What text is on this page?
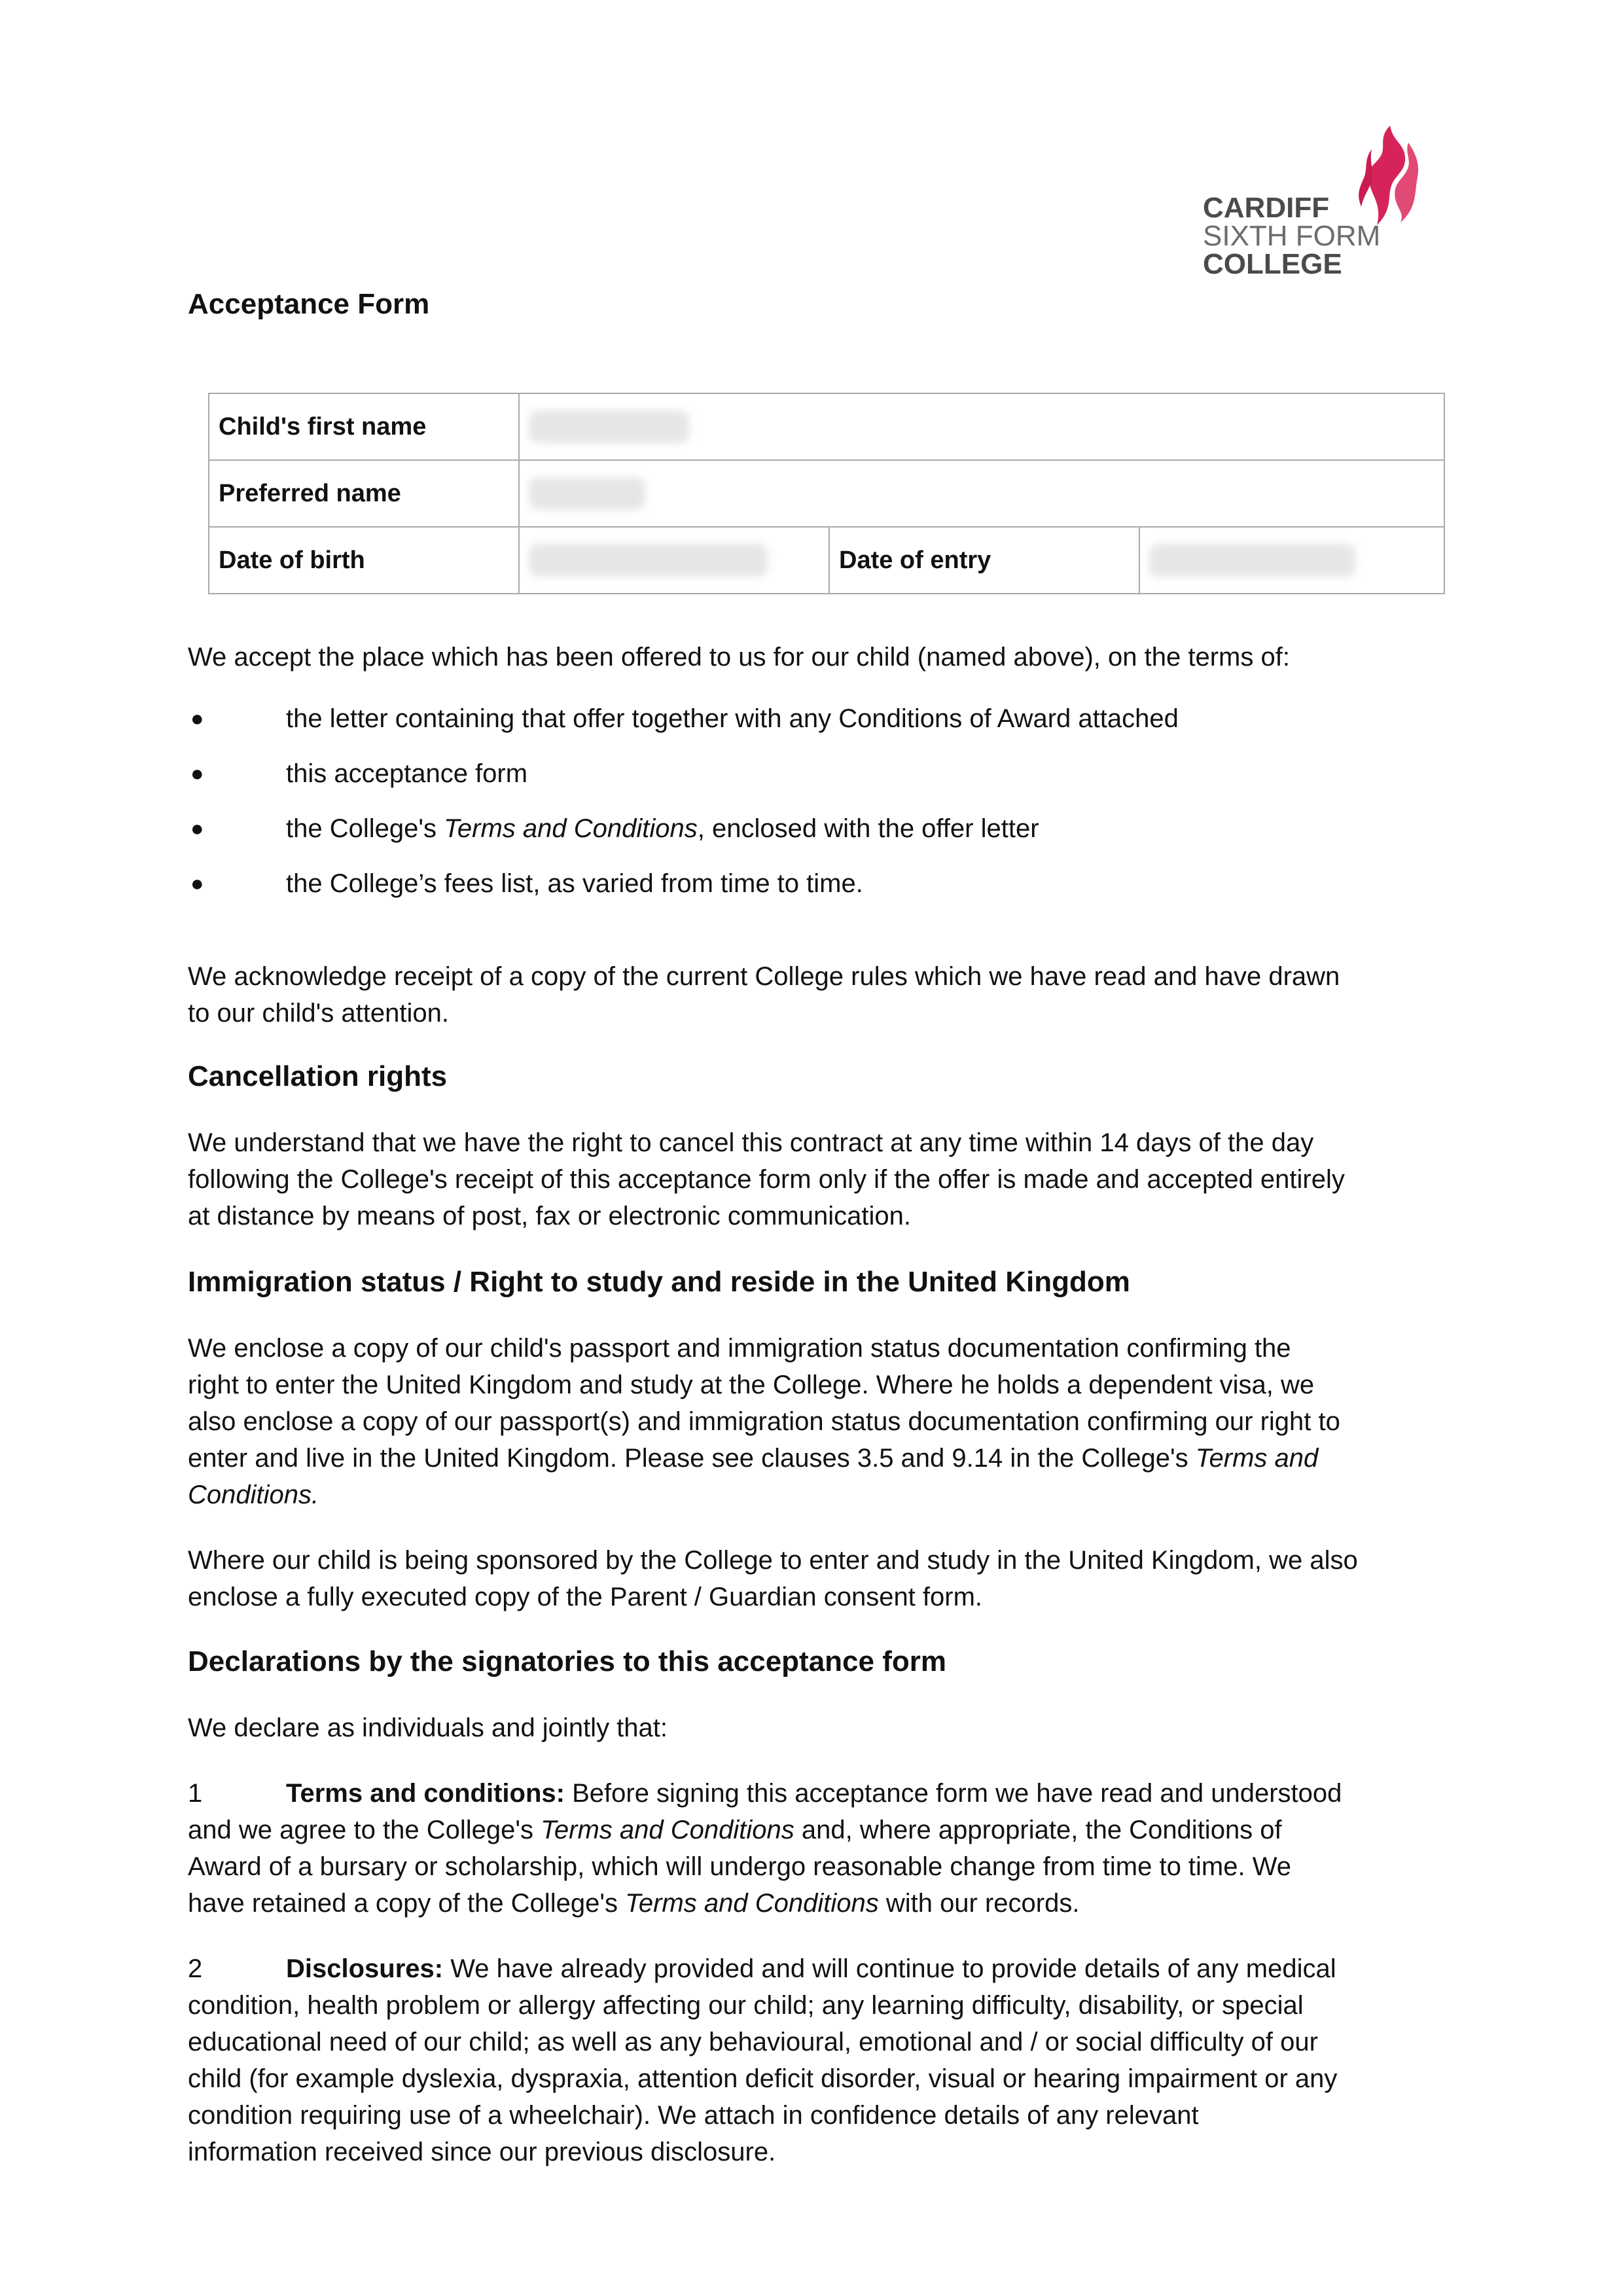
CARDIFF
SIXTH FORM
COLLEGE
Acceptance Form
Child's first name			
Preferred name			
Date of birth		Date of entry	

We accept the place which has been offered to us for our child (named above), on the terms of:

●	the letter containing that offer together with any Conditions of Award attached
●	this acceptance form
●	the College's Terms and Conditions, enclosed with the offer letter
●	the College’s fees list, as varied from time to time.

We acknowledge receipt of a copy of the current College rules which we have read and have drawn
to our child's attention.

Cancellation rights

We understand that we have the right to cancel this contract at any time within 14 days of the day
following the College's receipt of this acceptance form only if the offer is made and accepted entirely
at distance by means of post, fax or electronic communication.

Immigration status / Right to study and reside in the United Kingdom

We enclose a copy of our child's passport and immigration status documentation confirming the
right to enter the United Kingdom and study at the College. Where he holds a dependent visa, we
also enclose a copy of our passport(s) and immigration status documentation confirming our right to
enter and live in the United Kingdom. Please see clauses 3.5 and 9.14 in the College's Terms and
Conditions.

Where our child is being sponsored by the College to enter and study in the United Kingdom, we also
enclose a fully executed copy of the Parent / Guardian consent form.

Declarations by the signatories to this acceptance form

We declare as individuals and jointly that:

1	Terms and conditions: Before signing this acceptance form we have read and understood
and we agree to the College's Terms and Conditions and, where appropriate, the Conditions of
Award of a bursary or scholarship, which will undergo reasonable change from time to time. We
have retained a copy of the College's Terms and Conditions with our records.

2	Disclosures: We have already provided and will continue to provide details of any medical
condition, health problem or allergy affecting our child; any learning difficulty, disability, or special
educational need of our child; as well as any behavioural, emotional and / or social difficulty of our
child (for example dyslexia, dyspraxia, attention deficit disorder, visual or hearing impairment or any
condition requiring use of a wheelchair). We attach in confidence details of any relevant
information received since our previous disclosure.
